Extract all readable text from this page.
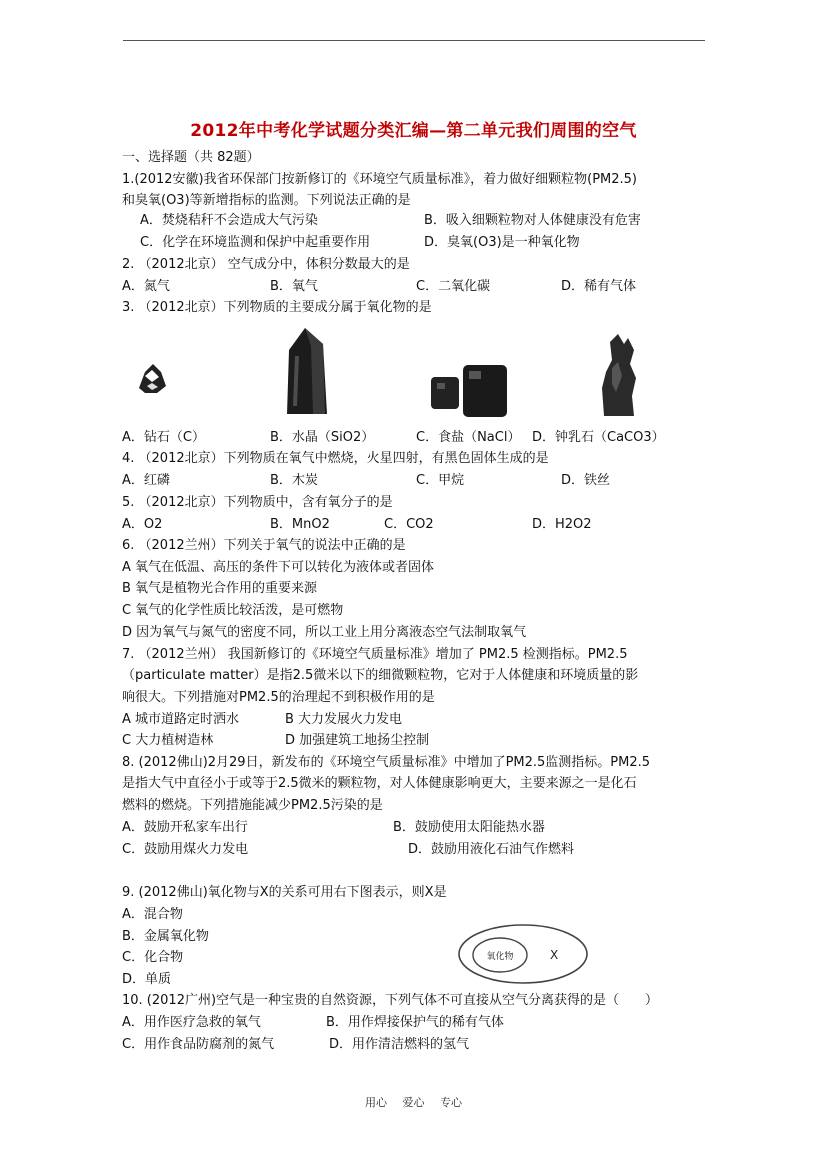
2012年中考化学试题分类汇编—第二单元我们周围的空气
一、选择题（共 82题）
1.(2012安徽)我省环保部门按新修订的《环境空气质量标准》，着力做好细颗粒物(PM2.5)
和臭氧(O3)等新增指标的监测。下列说法正确的是
A．焚烧秸秆不会造成大气污染	B．吸入细颗粒物对人体健康没有危害
C．化学在环境监测和保护中起重要作用	D．臭氧(O3)是一种氧化物
2. （2012北京） 空气成分中，体积分数最大的是
A．氮气	B．氧气	C．二氧化碳	D．稀有气体
3. （2012北京）下列物质的主要成分属于氧化物的是
A．钻石（C）	B．水晶（SiO2）	C．食盐（NaCl） D．钟乳石（CaCO3）
4. （2012北京）下列物质在氧气中燃烧，火星四射，有黑色固体生成的是
A．红磷	B．木炭	C．甲烷	D．铁丝
5. （2012北京）下列物质中，含有氧分子的是
A．O2	B．MnO2	C．CO2	D．H2O2
6. （2012兰州）下列关于氧气的说法中正确的是
A 氧气在低温、高压的条件下可以转化为液体或者固体
B 氧气是植物光合作用的重要来源
C 氧气的化学性质比较活泼，是可燃物
D 因为氧气与氮气的密度不同，所以工业上用分离液态空气法制取氧气
7. （2012兰州） 我国新修订的《环境空气质量标准》增加了 PM2.5 检测指标。PM2.5
（particulate matter）是指2.5微米以下的细微颗粒物，它对于人体健康和环境质量的影
响很大。下列措施对PM2.5的治理起不到积极作用的是
A 城市道路定时洒水	B 大力发展火力发电
C 大力植树造林	D 加强建筑工地扬尘控制
8. (2012佛山)2月29日，新发布的《环境空气质量标准》中增加了PM2.5监测指标。PM2.5
是指大气中直径小于或等于2.5微米的颗粒物，对人体健康影响更大，主要来源之一是化石
燃料的燃烧。下列措施能减少PM2.5污染的是
A．鼓励开私家车出行	B．鼓励使用太阳能热水器
C．鼓励用煤火力发电	D．鼓励用液化石油气作燃料
9. (2012佛山)氧化物与X的关系可用右下图表示，则X是
A．混合物
B．金属氧化物
C．化合物
D．单质
氧化物	X
10. (2012广州)空气是一种宝贵的自然资源，下列气体不可直接从空气分离获得的是（　　）
A．用作医疗急救的氧气	B．用作焊接保护气的稀有气体
C．用作食品防腐剂的氮气	D．用作清洁燃料的氢气
用心 爱心 专心
